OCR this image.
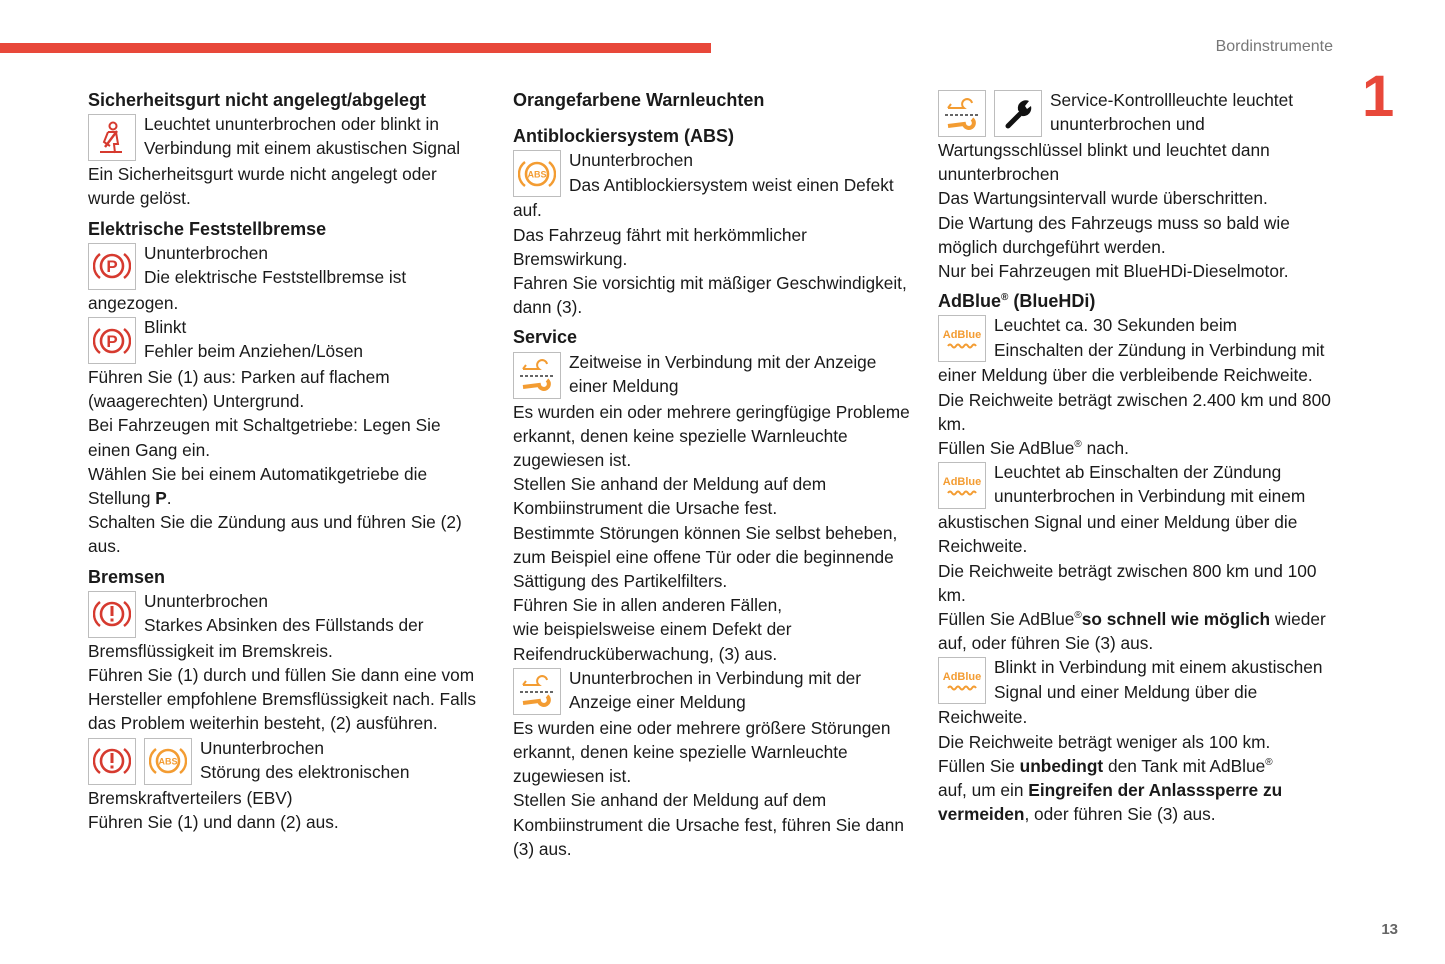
Bordinstrumente
1
13
Sicherheitsgurt nicht angelegt/abgelegt
Leuchtet ununterbrochen oder blinkt in
Verbindung mit einem akustischen Signal
Ein Sicherheitsgurt wurde nicht angelegt oder wurde gelöst.
Elektrische Feststellbremse
P
Ununterbrochen
Die elektrische Feststellbremse ist
angezogen.
P
Blinkt
Fehler beim Anziehen/Lösen
Führen Sie (1) aus: Parken auf flachem (waagerechten) Untergrund.
Bei Fahrzeugen mit Schaltgetriebe: Legen Sie einen Gang ein.
Wählen Sie bei einem Automatikgetriebe die Stellung P.
Schalten Sie die Zündung aus und führen Sie (2) aus.
Bremsen
Ununterbrochen
Starkes Absinken des Füllstands der
Bremsflüssigkeit im Bremskreis.
Führen Sie (1) durch und füllen Sie dann eine vom Hersteller empfohlene Bremsflüssigkeit nach. Falls das Problem weiterhin besteht, (2) ausführen.
ABS
Ununterbrochen
Störung des elektronischen
Bremskraftverteilers (EBV)
Führen Sie (1) und dann (2) aus.
Orangefarbene Warnleuchten
Antiblockiersystem (ABS)
ABS
Ununterbrochen
Das Antiblockiersystem weist einen Defekt
auf.
Das Fahrzeug fährt mit herkömmlicher Bremswirkung.
Fahren Sie vorsichtig mit mäßiger Geschwindigkeit, dann (3).
Service
Zeitweise in Verbindung mit der Anzeige
einer Meldung
Es wurden ein oder mehrere geringfügige Probleme erkannt, denen keine spezielle Warnleuchte zugewiesen ist.
Stellen Sie anhand der Meldung auf dem Kombiinstrument die Ursache fest.
Bestimmte Störungen können Sie selbst beheben, zum Beispiel eine offene Tür oder die beginnende Sättigung des Partikelfilters.
Führen Sie in allen anderen Fällen,
wie beispielsweise einem Defekt der Reifendrucküberwachung, (3) aus.
Ununterbrochen in Verbindung mit der
Anzeige einer Meldung
Es wurden eine oder mehrere größere Störungen erkannt, denen keine spezielle Warnleuchte zugewiesen ist.
Stellen Sie anhand der Meldung auf dem Kombiinstrument die Ursache fest, führen Sie dann (3) aus.
Service-Kontrollleuchte leuchtet
ununterbrochen und
Wartungsschlüssel blinkt und leuchtet dann ununterbrochen
Das Wartungsintervall wurde überschritten.
Die Wartung des Fahrzeugs muss so bald wie möglich durchgeführt werden.
Nur bei Fahrzeugen mit BlueHDi-Dieselmotor.
AdBlue® (BlueHDi)
AdBlue Leuchtet ca. 30 Sekunden beim
Einschalten der Zündung in Verbindung mit
einer Meldung über die verbleibende Reichweite.
Die Reichweite beträgt zwischen 2.400 km und 800 km.
Füllen Sie AdBlue® nach.
AdBlue Leuchtet ab Einschalten der Zündung
ununterbrochen in Verbindung mit einem
akustischen Signal und einer Meldung über die Reichweite.
Die Reichweite beträgt zwischen 800 km und 100 km.
Füllen Sie AdBlue®so schnell wie möglich wieder auf, oder führen Sie (3) aus.
AdBlue Blinkt in Verbindung mit einem akustischen
Signal und einer Meldung über die
Reichweite.
Die Reichweite beträgt weniger als 100 km.
Füllen Sie unbedingt den Tank mit AdBlue®
auf, um ein Eingreifen der Anlasssperre zu vermeiden, oder führen Sie (3) aus.
